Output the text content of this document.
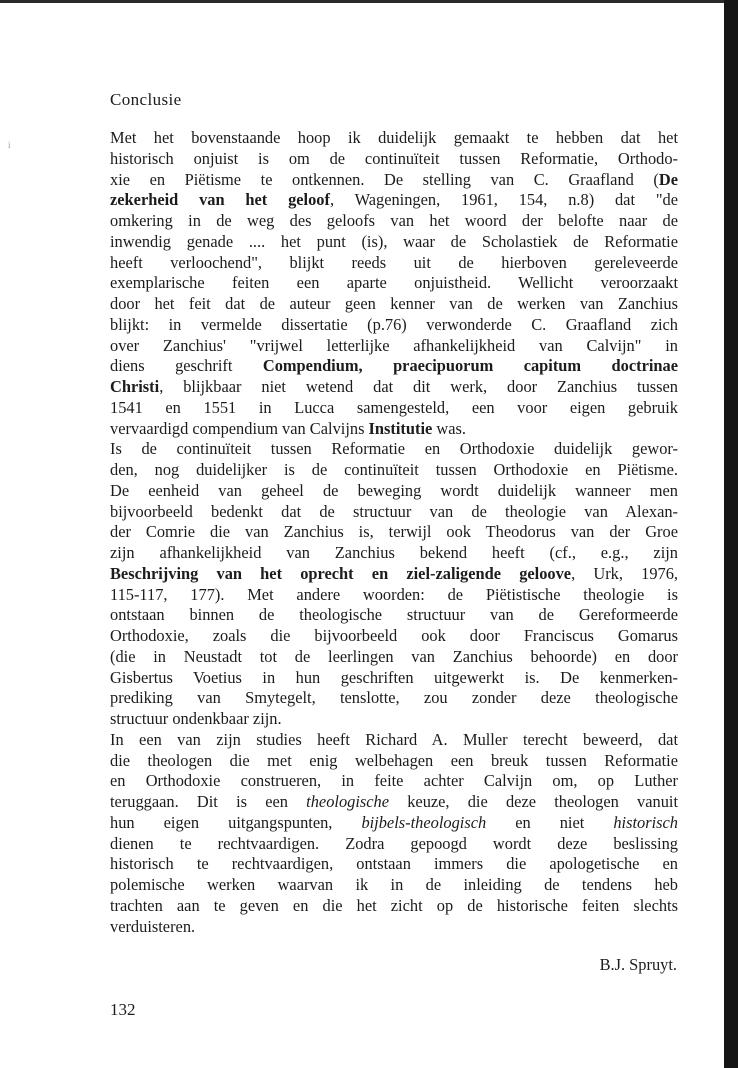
i
Conclusie
Met het bovenstaande hoop ik duidelijk gemaakt te hebben dat het
historisch onjuist is om de continuïteit tussen Reformatie, Orthodo-
xie en Piëtisme te ontkennen. De stelling van C. Graafland (De
zekerheid van het geloof, Wageningen, 1961, 154, n.8) dat "de
omkering in de weg des geloofs van het woord der belofte naar de
inwendig genade .... het punt (is), waar de Scholastiek de Reformatie
heeft verloochend", blijkt reeds uit de hierboven gereleveerde
exemplarische feiten een aparte onjuistheid. Wellicht veroorzaakt
door het feit dat de auteur geen kenner van de werken van Zanchius
blijkt: in vermelde dissertatie (p.76) verwonderde C. Graafland zich
over Zanchius' "vrijwel letterlijke afhankelijkheid van Calvijn" in
diens geschrift Compendium, praecipuorum capitum doctrinae
Christi, blijkbaar niet wetend dat dit werk, door Zanchius tussen
1541 en 1551 in Lucca samengesteld, een voor eigen gebruik
vervaardigd compendium van Calvijns Institutie was.
Is de continuïteit tussen Reformatie en Orthodoxie duidelijk gewor-
den, nog duidelijker is de continuïteit tussen Orthodoxie en Piëtisme.
De eenheid van geheel de beweging wordt duidelijk wanneer men
bijvoorbeeld bedenkt dat de structuur van de theologie van Alexan-
der Comrie die van Zanchius is, terwijl ook Theodorus van der Groe
zijn afhankelijkheid van Zanchius bekend heeft (cf., e.g., zijn
Beschrijving van het oprecht en ziel-zaligende geloove, Urk, 1976,
115-117, 177). Met andere woorden: de Piëtistische theologie is
ontstaan binnen de theologische structuur van de Gereformeerde
Orthodoxie, zoals die bijvoorbeeld ook door Franciscus Gomarus
(die in Neustadt tot de leerlingen van Zanchius behoorde) en door
Gisbertus Voetius in hun geschriften uitgewerkt is. De kenmerken-
prediking van Smytegelt, tenslotte, zou zonder deze theologische
structuur ondenkbaar zijn.
In een van zijn studies heeft Richard A. Muller terecht beweerd, dat
die theologen die met enig welbehagen een breuk tussen Reformatie
en Orthodoxie construeren, in feite achter Calvijn om, op Luther
teruggaan. Dit is een theologische keuze, die deze theologen vanuit
hun eigen uitgangspunten, bijbels-theologisch en niet historisch
dienen te rechtvaardigen. Zodra gepoogd wordt deze beslissing
historisch te rechtvaardigen, ontstaan immers die apologetische en
polemische werken waarvan ik in de inleiding de tendens heb
trachten aan te geven en die het zicht op de historische feiten slechts
verduisteren.
B.J. Spruyt.
132
